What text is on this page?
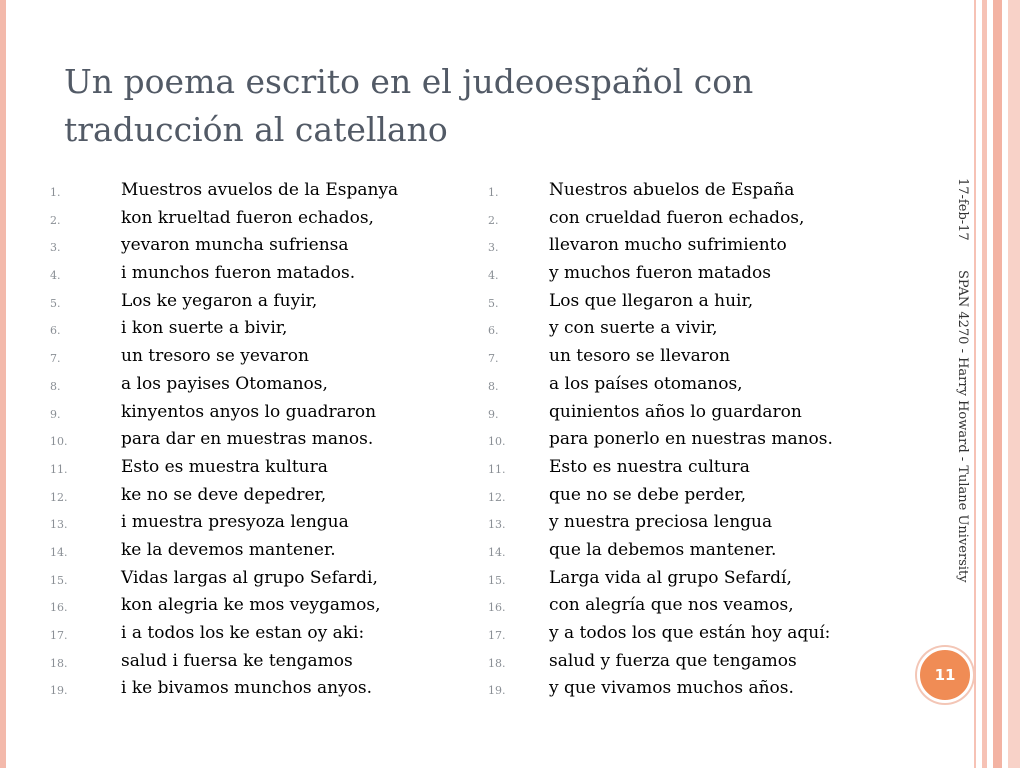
Un poema escrito en el judeoespañol con traducción al catellano
1.	Muestros avuelos de la Espanya
2.	kon krueltad fueron echados,
3.	yevaron muncha sufriensa
4.	i munchos fueron matados.
5.	Los ke yegaron a fuyir,
6.	i kon suerte a bivir,
7.	un tresoro se yevaron
8.	a los payises Otomanos,
9.	kinyentos anyos lo guadraron
10.	para dar en muestras manos.
11.	Esto es muestra kultura
12.	ke no se deve depedrer,
13.	i muestra presyoza lengua
14.	ke la devemos mantener.
15.	Vidas largas al grupo Sefardi,
16.	kon alegria ke mos veygamos,
17.	i a todos los ke estan oy aki:
18.	salud i fuersa ke tengamos
19.	i ke bivamos munchos anyos.
1.	Nuestros abuelos de España
2.	con crueldad fueron echados,
3.	llevaron mucho sufrimiento
4.	y muchos fueron matados
5.	Los que llegaron a huir,
6.	y con suerte a vivir,
7.	un tesoro se llevaron
8.	a los países otomanos,
9.	quinientos años lo guardaron
10.	para ponerlo en nuestras manos.
11.	Esto es nuestra cultura
12.	que no se debe perder,
13.	y nuestra preciosa lengua
14.	que la debemos mantener.
15.	Larga vida al grupo Sefardí,
16.	con alegría que nos veamos,
17.	y a todos los que están hoy aquí:
18.	salud y fuerza que tengamos
19.	y que vivamos muchos años.
17-feb-17
SPAN 4270 - Harry Howard - Tulane University
11
